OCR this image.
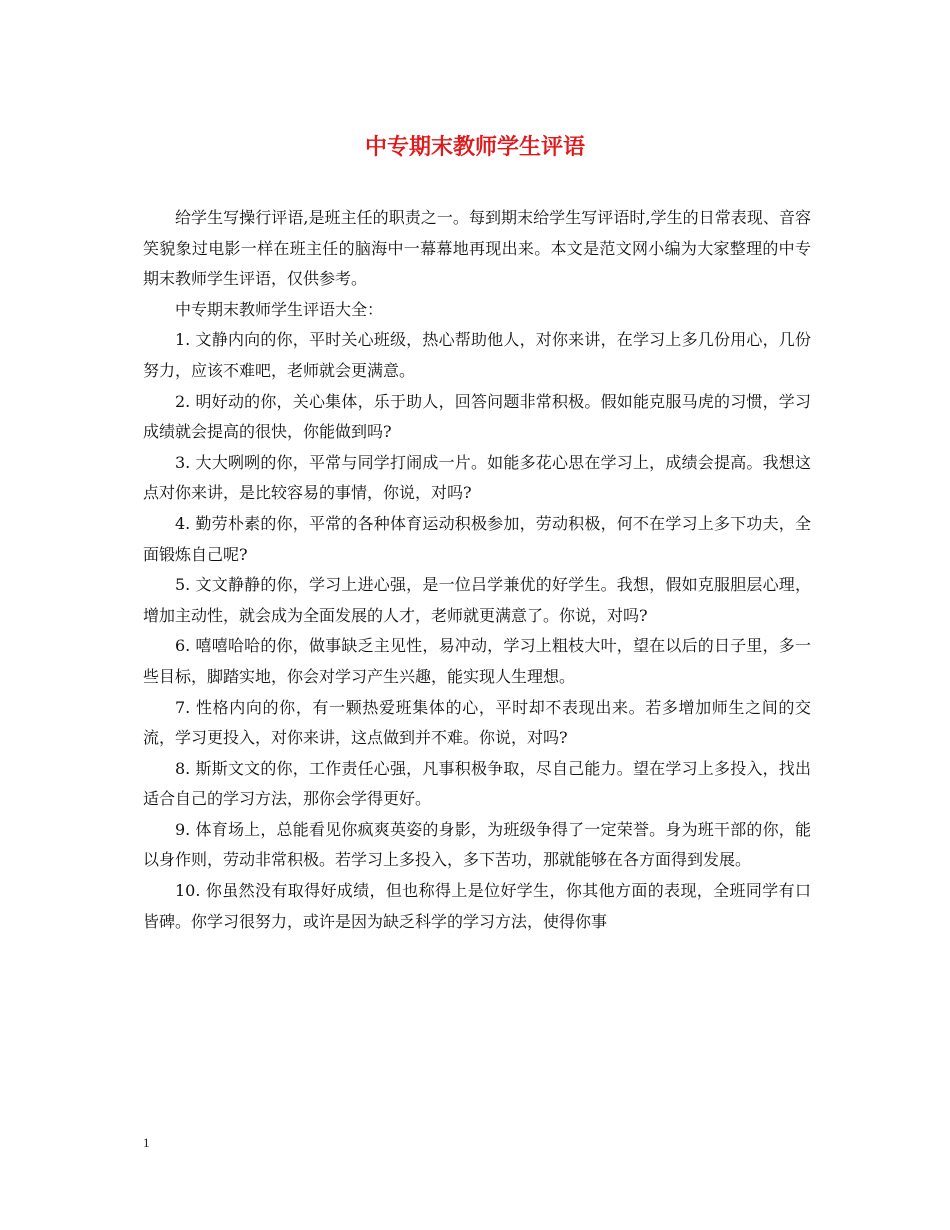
中专期末教师学生评语

给学生写操行评语,是班主任的职责之一。每到期末给学生写评语时,学生的日常表现、音容笑貌象过电影一样在班主任的脑海中一幕幕地再现出来。本文是范文网小编为大家整理的中专期末教师学生评语，仅供参考。

中专期末教师学生评语大全：

1. 文静内向的你，平时关心班级，热心帮助他人，对你来讲，在学习上多几份用心，几份努力，应该不难吧，老师就会更满意。

2. 明好动的你，关心集体，乐于助人，回答问题非常积极。假如能克服马虎的习惯，学习成绩就会提高的很快，你能做到吗?

3. 大大咧咧的你，平常与同学打闹成一片。如能多花心思在学习上，成绩会提高。我想这点对你来讲，是比较容易的事情，你说，对吗?

4. 勤劳朴素的你，平常的各种体育运动积极参加，劳动积极，何不在学习上多下功夫，全面锻炼自己呢?

5. 文文静静的你，学习上进心强，是一位吕学兼优的好学生。我想，假如克服胆层心理，增加主动性，就会成为全面发展的人才，老师就更满意了。你说，对吗?

6. 嘻嘻哈哈的你，做事缺乏主见性，易冲动，学习上粗枝大叶，望在以后的日子里，多一些目标，脚踏实地，你会对学习产生兴趣，能实现人生理想。

7. 性格内向的你，有一颗热爱班集体的心，平时却不表现出来。若多增加师生之间的交流，学习更投入，对你来讲，这点做到并不难。你说，对吗?

8. 斯斯文文的你，工作责任心强，凡事积极争取，尽自己能力。望在学习上多投入，找出适合自己的学习方法，那你会学得更好。

9. 体育场上，总能看见你疯爽英姿的身影，为班级争得了一定荣誉。身为班干部的你，能以身作则，劳动非常积极。若学习上多投入，多下苦功，那就能够在各方面得到发展。

10. 你虽然没有取得好成绩，但也称得上是位好学生，你其他方面的表现，全班同学有口皆碑。你学习很努力，或许是因为缺乏科学的学习方法，使得你事

1
